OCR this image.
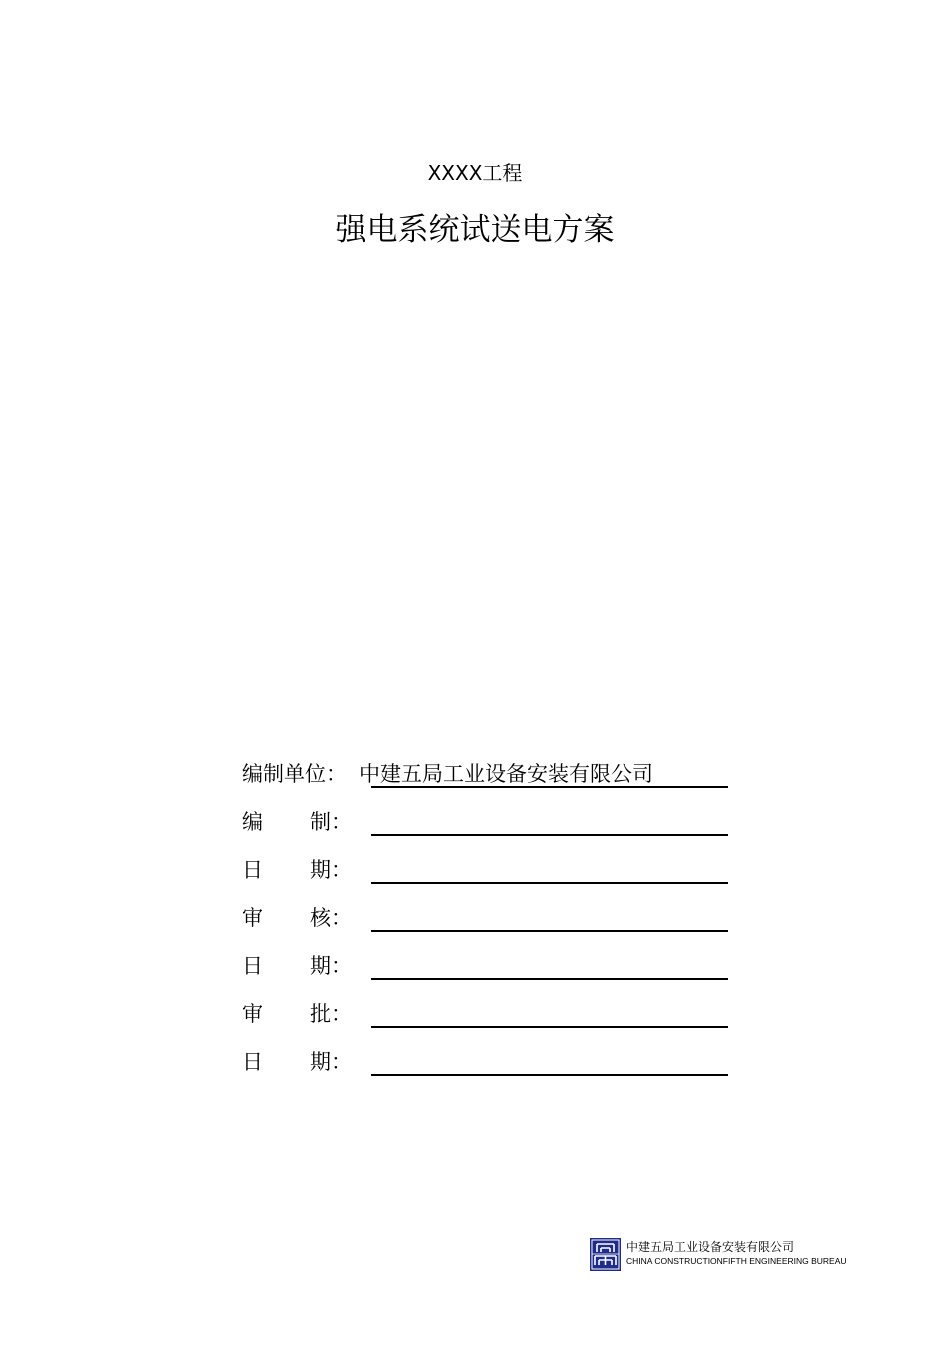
XXXX工程
强电系统试送电方案
编制单位： 中建五局工业设备安装有限公司
编 制：
日 期：
审 核：
日 期：
审 批：
日 期：
中建五局工业设备安装有限公司
CHINA CONSTRUCTIONFIFTH ENGINEERING BUREAU
